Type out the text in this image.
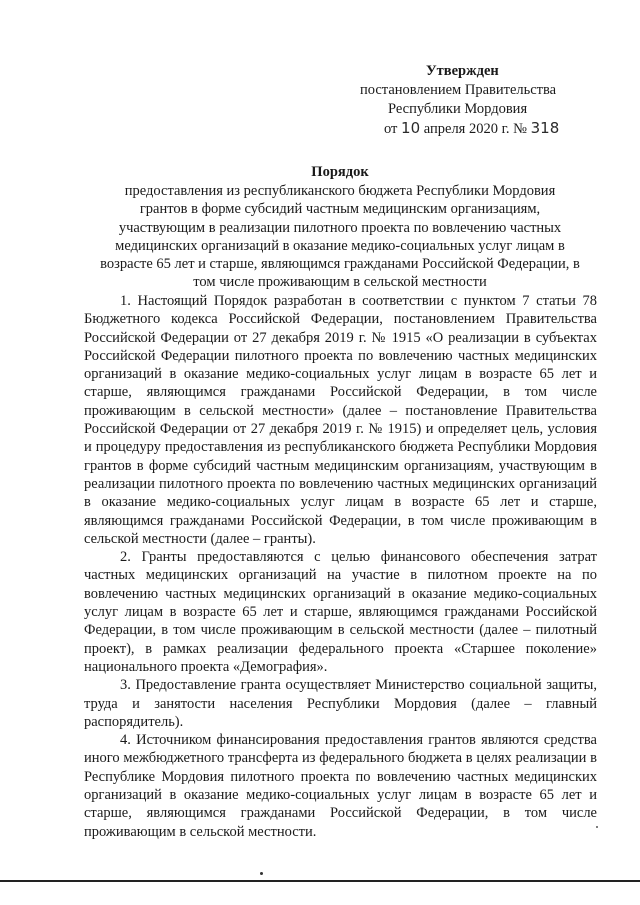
Утвержден
постановлением Правительства
Республики Мордовия
от 10 апреля 2020 г. № 318
Порядок
предоставления из республиканского бюджета Республики Мордовия
грантов в форме субсидий частным медицинским организациям,
участвующим в реализации пилотного проекта по вовлечению частных
медицинских организаций в оказание медико-социальных услуг лицам в
возрасте 65 лет и старше, являющимся гражданами Российской Федерации, в
том числе проживающим в сельской местности

1. Настоящий Порядок разработан в соответствии с пунктом 7 статьи 78 Бюджетного кодекса Российской Федерации, постановлением Правительства Российской Федерации от 27 декабря 2019 г. № 1915 «О реализации в субъектах Российской Федерации пилотного проекта по вовлечению частных медицинских организаций в оказание медико-социальных услуг лицам в возрасте 65 лет и старше, являющимся гражданами Российской Федерации, в том числе проживающим в сельской местности» (далее – постановление Правительства Российской Федерации от 27 декабря 2019 г. № 1915) и определяет цель, условия и процедуру предоставления из республиканского бюджета Республики Мордовия грантов в форме субсидий частным медицинским организациям, участвующим в реализации пилотного проекта по вовлечению частных медицинских организаций в оказание медико-социальных услуг лицам в возрасте 65 лет и старше, являющимся гражданами Российской Федерации, в том числе проживающим в сельской местности (далее – гранты).

2. Гранты предоставляются с целью финансового обеспечения затрат частных медицинских организаций на участие в пилотном проекте на по вовлечению частных медицинских организаций в оказание медико-социальных услуг лицам в возрасте 65 лет и старше, являющимся гражданами Российской Федерации, в том числе проживающим в сельской местности (далее – пилотный проект), в рамках реализации федерального проекта «Старшее поколение» национального проекта «Демография».

3. Предоставление гранта осуществляет Министерство социальной защиты, труда и занятости населения Республики Мордовия (далее – главный распорядитель).

4. Источником финансирования предоставления грантов являются средства иного межбюджетного трансферта из федерального бюджета в целях реализации в Республике Мордовия пилотного проекта по вовлечению частных медицинских организаций в оказание медико-социальных услуг лицам в возрасте 65 лет и старше, являющимся гражданами Российской Федерации, в том числе проживающим в сельской местности.
